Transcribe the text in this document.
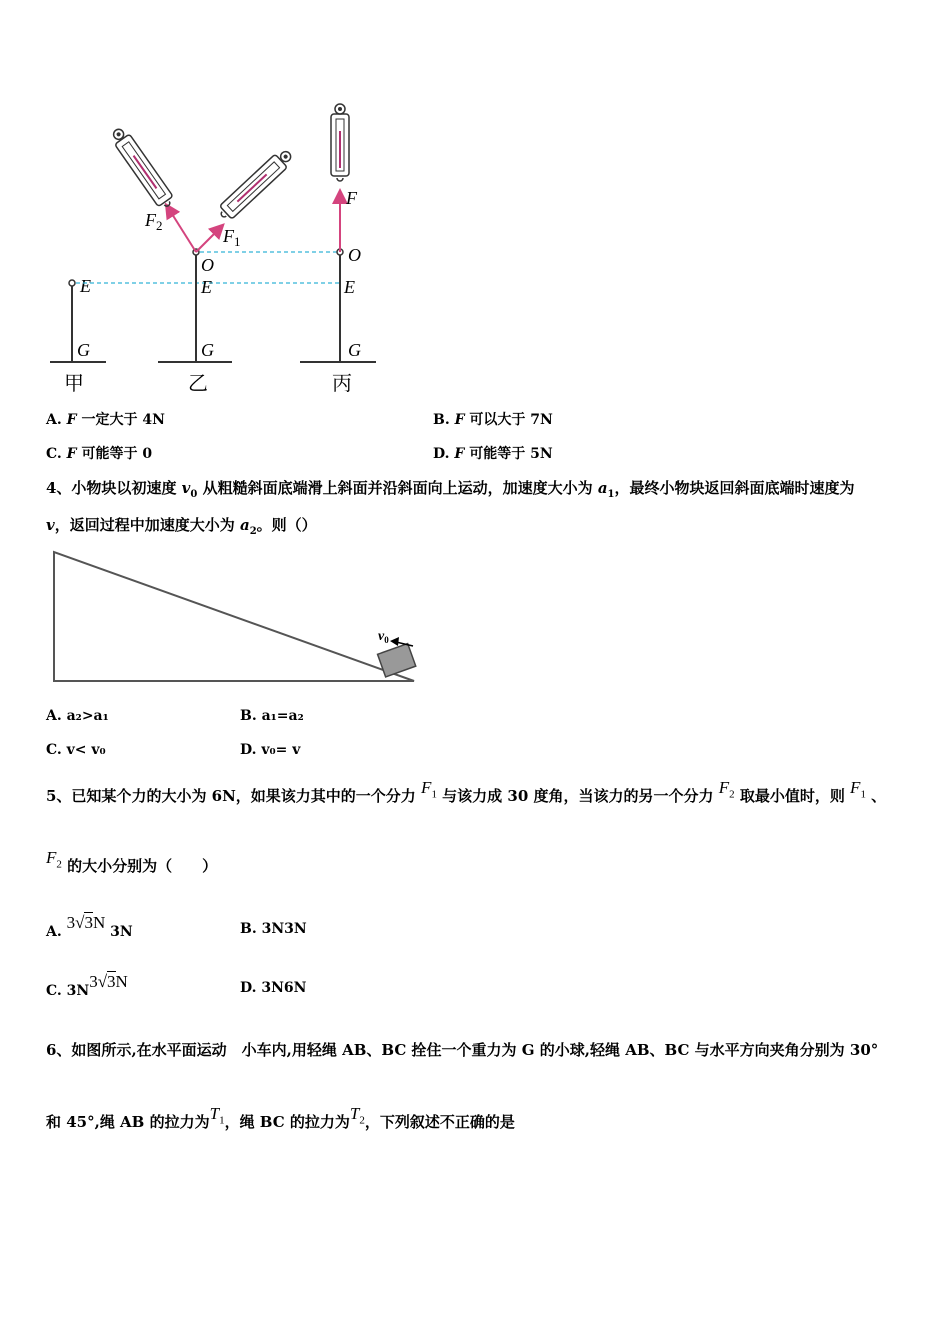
E
G
甲
$F_2$
$F_1$
O
E
G
乙
F
O
E
G
丙
A. F 一定大于 4N	B. F 可以大于 7N
C. F 可能等于 0	D. F 可能等于 5N
4、小物块以初速度 $v_0$ 从粗糙斜面底端滑上斜面并沿斜面向上运动，加速度大小为 $a_1$，最终小物块返回斜面底端时速度为
v，返回过程中加速度大小为 $a_2$。则（）
$v_0$
A. a₂>a₁	B. a₁=a₂
C. v< v₀	D. v₀= v
5、已知某个力的大小为 6N，如果该力其中的一个分力 $F_1$ 与该力成 30 度角，当该力的另一个分力 $F_2$ 取最小值时，则 $F_1$ 、
$F_2$ 的大小分别为（　　）
A. 3√3N 3N	B. 3N3N
C. 3N3√3N	D. 3N6N
6、如图所示,在水平面运动　小车内,用轻绳 AB、BC 拴住一个重力为 G 的小球,轻绳 AB、BC 与水平方向夹角分别为 30°
和 45°,绳 AB 的拉力为$T_1$，绳 BC 的拉力为$T_2$，下列叙述不正确的是
